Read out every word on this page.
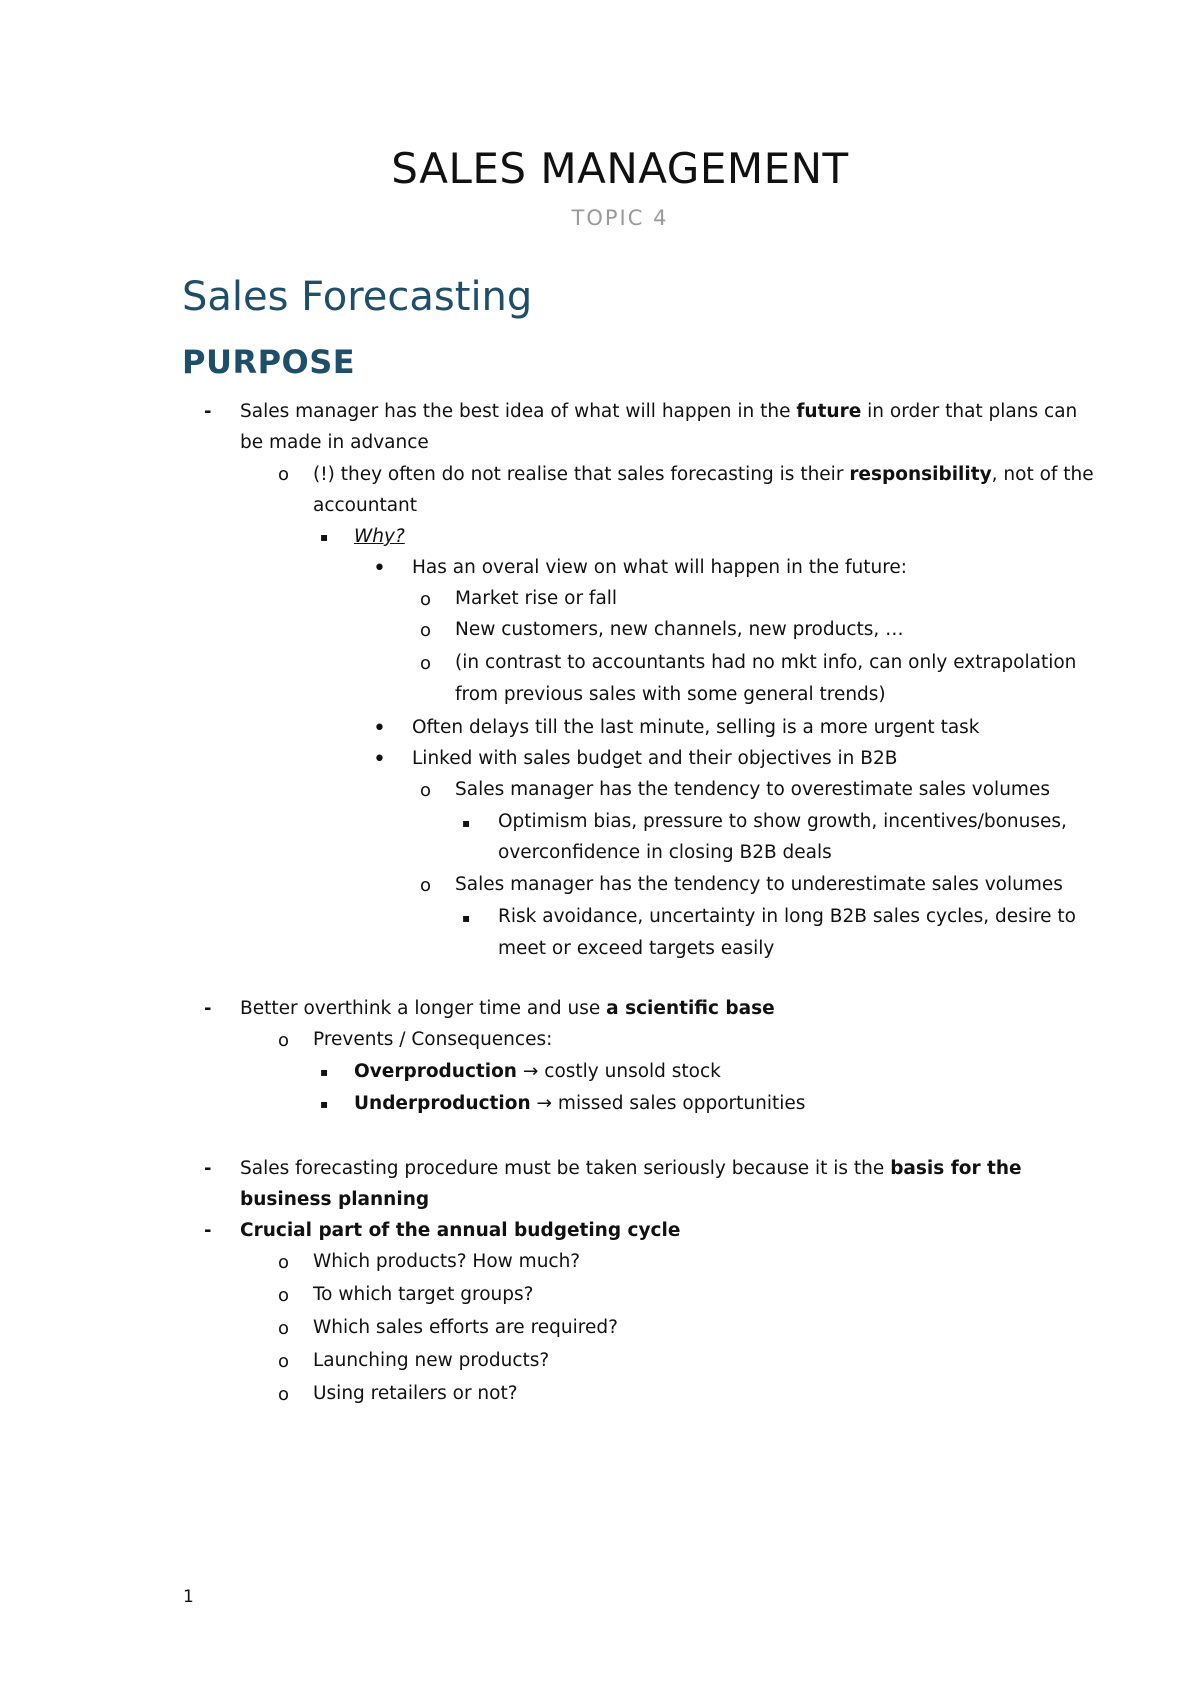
SALES MANAGEMENT
TOPIC 4
Sales Forecasting
PURPOSE
- Sales manager has the best idea of what will happen in the future in order that plans can

be made in advance

o (!) they often do not realise that sales forecasting is their responsibility, not of the

accountant

▪ Why?

• Has an overal view on what will happen in the future:

o Market rise or fall

o New customers, new channels, new products, …

o (in contrast to accountants had no mkt info, can only extrapolation

from previous sales with some general trends)

• Often delays till the last minute, selling is a more urgent task

• Linked with sales budget and their objectives in B2B

o Sales manager has the tendency to overestimate sales volumes

▪ Optimism bias, pressure to show growth, incentives/bonuses,

overconfidence in closing B2B deals

o Sales manager has the tendency to underestimate sales volumes

▪ Risk avoidance, uncertainty in long B2B sales cycles, desire to

meet or exceed targets easily

- Better overthink a longer time and use a scientific base

o Prevents / Consequences:

▪ Overproduction → costly unsold stock

▪ Underproduction → missed sales opportunities

- Sales forecasting procedure must be taken seriously because it is the basis for the

business planning

- Crucial part of the annual budgeting cycle

o Which products? How much?

o To which target groups?

o Which sales efforts are required?

o Launching new products?

o Using retailers or not?

1
